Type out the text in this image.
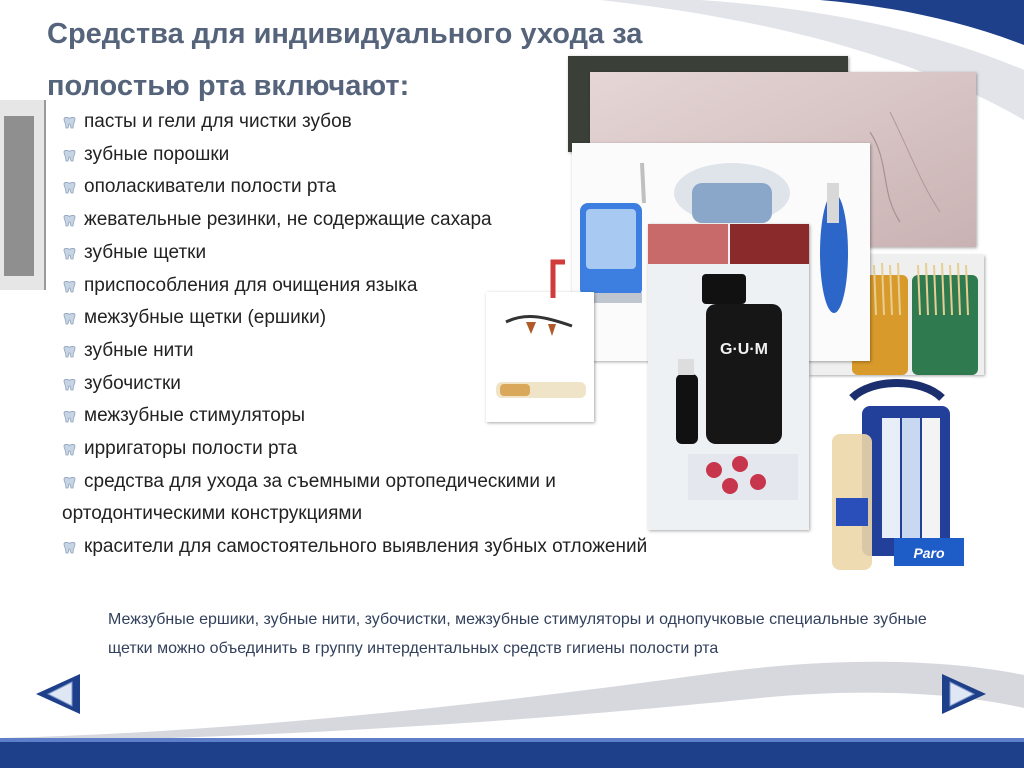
Средства для индивидуального ухода за полостью рта включают:
G·U·M
Paro
пасты и гели для чистки зубов
зубные порошки
ополаскиватели полости рта
жевательные резинки, не содержащие сахара
зубные щетки
приспособления для очищения языка
межзубные щетки (ершики)
зубные нити
зубочистки
межзубные стимуляторы
ирригаторы полости рта
средства для ухода за съемными ортопедическими и
ортодонтическими конструкциями
красители для самостоятельного выявления зубных отложений

Межзубные ершики, зубные нити, зубочистки, межзубные стимуляторы и однопучковые специальные зубные щетки можно объединить в группу интердентальных средств гигиены полости рта
